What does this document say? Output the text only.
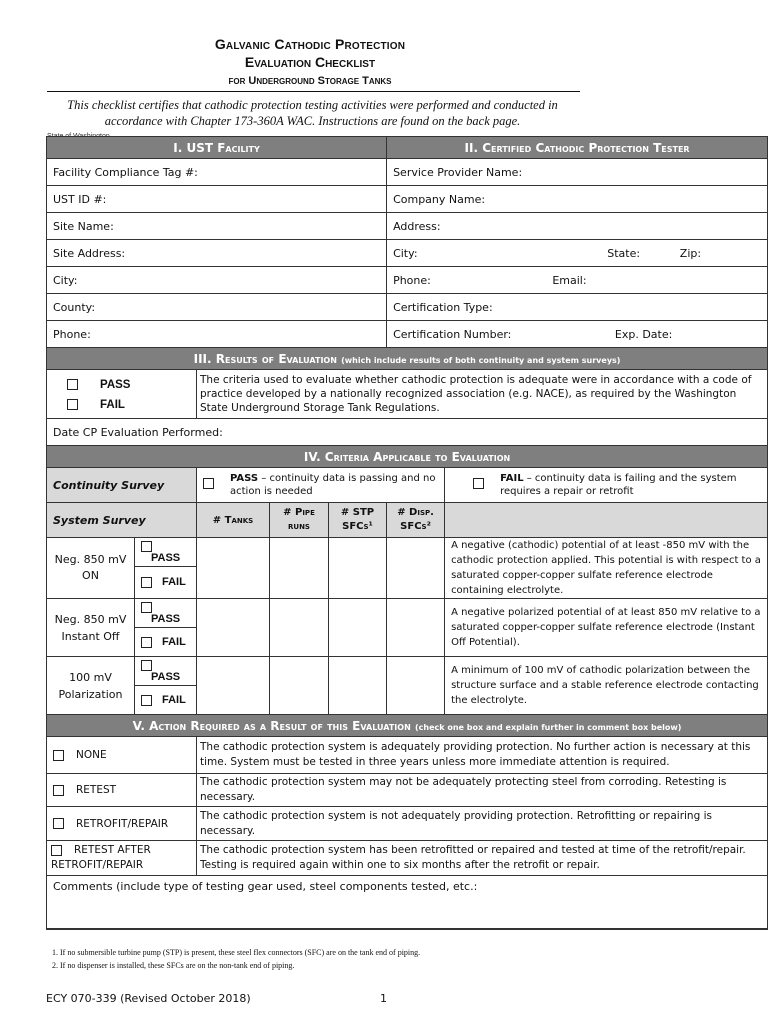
Galvanic Cathodic Protection
Evaluation Checklist
for Underground Storage Tanks
This checklist certifies that cathodic protection testing activities were performed and conducted in accordance with Chapter 173-360A WAC. Instructions are found on the back page.
I. UST Facility					II. Certified Cathodic Protection Tester	
Facility Compliance Tag #:					Service Provider Name:	
UST ID #:					Company Name:	
Site Name:					Address:	
Site Address:					City: State: Zip:	

City:					Phone: Email:	
County:					Certification Type:	
Phone:					Certification Number: Exp. Date:	
III. Results of Evaluation (which include results of both continuity and system surveys)						

PASS
FAIL		The criteria used to evaluate whether cathodic protection is adequate were in accordance with a code of practice developed by a nationally recognized association (e.g. NACE), as required by the Washington State Underground Storage Tank Regulations.				
Date CP Evaluation Performed:						
IV. Criteria Applicable to Evaluation						
Continuity Survey		PASS – continuity data is passing and no action is needed				FAIL – continuity data is failing and the system requires a repair or retrofit

System Survey		# Tanks	# Pipe runs	# STP SFCs¹	# Disp. SFCs²	
Neg. 850 mV ON	PASS					A negative (cathodic) potential of at least -850 mV with the cathodic protection applied. This potential is with respect to a saturated copper-copper sulfate reference electrode containing electrolyte.
	FAIL					
Neg. 850 mV Instant Off	PASS					A negative polarized potential of at least 850 mV relative to a saturated copper-copper sulfate reference electrode (Instant Off Potential).
	FAIL					
100 mV Polarization	PASS					A minimum of 100 mV of cathodic polarization between the structure surface and a stable reference electrode contacting the electrolyte.
	FAIL					
V. Action Required as a Result of this Evaluation (check one box and explain further in comment box below)						
NONE		The cathodic protection system is adequately providing protection. No further action is necessary at this time. System must be tested in three years unless more immediate attention is required.				
RETEST		The cathodic protection system may not be adequately protecting steel from corroding. Retesting is necessary.				
RETROFIT/REPAIR		The cathodic protection system is not adequately providing protection. Retrofitting or repairing is necessary.				
RETEST AFTER RETROFIT/REPAIR		The cathodic protection system has been retrofitted or repaired and tested at time of the retrofit/repair. Testing is required again within one to six months after the retrofit or repair.				
Comments (include type of testing gear used, steel components tested, etc.:						
1. If no submersible turbine pump (STP) is present, these steel flex connectors (SFC) are on the tank end of piping.
2. If no dispenser is installed, these SFCs are on the non-tank end of piping.
ECY 070-339 (Revised October 2018)	1
